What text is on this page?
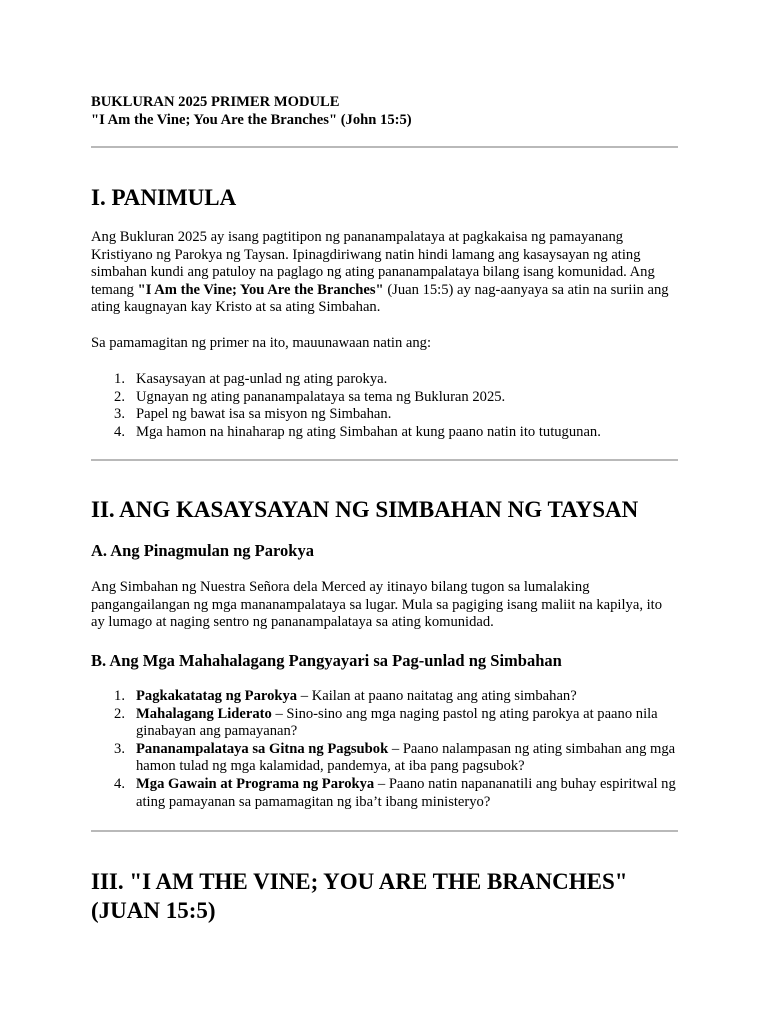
BUKLURAN 2025 PRIMER MODULE
"I Am the Vine; You Are the Branches" (John 15:5)
I. PANIMULA

Ang Bukluran 2025 ay isang pagtitipon ng pananampalataya at pagkakaisa ng pamayanang Kristiyano ng Parokya ng Taysan. Ipinagdiriwang natin hindi lamang ang kasaysayan ng ating simbahan kundi ang patuloy na paglago ng ating pananampalataya bilang isang komunidad. Ang temang "I Am the Vine; You Are the Branches" (Juan 15:5) ay nag-aanyaya sa atin na suriin ang ating kaugnayan kay Kristo at sa ating Simbahan.

Sa pamamagitan ng primer na ito, mauunawaan natin ang:

1. Kasaysayan at pag-unlad ng ating parokya.
2. Ugnayan ng ating pananampalataya sa tema ng Bukluran 2025.
3. Papel ng bawat isa sa misyon ng Simbahan.
4. Mga hamon na hinaharap ng ating Simbahan at kung paano natin ito tutugunan.
II. ANG KASAYSAYAN NG SIMBAHAN NG TAYSAN
A. Ang Pinagmulan ng Parokya

Ang Simbahan ng Nuestra Señora dela Merced ay itinayo bilang tugon sa lumalaking pangangailangan ng mga mananampalataya sa lugar. Mula sa pagiging isang maliit na kapilya, ito ay lumago at naging sentro ng pananampalataya sa ating komunidad.

B. Ang Mga Mahahalagang Pangyayari sa Pag-unlad ng Simbahan
1. Pagkakatatag ng Parokya – Kailan at paano naitatag ang ating simbahan?
2. Mahalagang Liderato – Sino-sino ang mga naging pastol ng ating parokya at paano nila ginabayan ang pamayanan?
3. Pananampalataya sa Gitna ng Pagsubok – Paano nalampasan ng ating simbahan ang mga hamon tulad ng mga kalamidad, pandemya, at iba pang pagsubok?
4. Mga Gawain at Programa ng Parokya – Paano natin napananatili ang buhay espiritwal ng ating pamayanan sa pamamagitan ng iba’t ibang ministeryo?
III. "I AM THE VINE; YOU ARE THE BRANCHES"
(JUAN 15:5)
